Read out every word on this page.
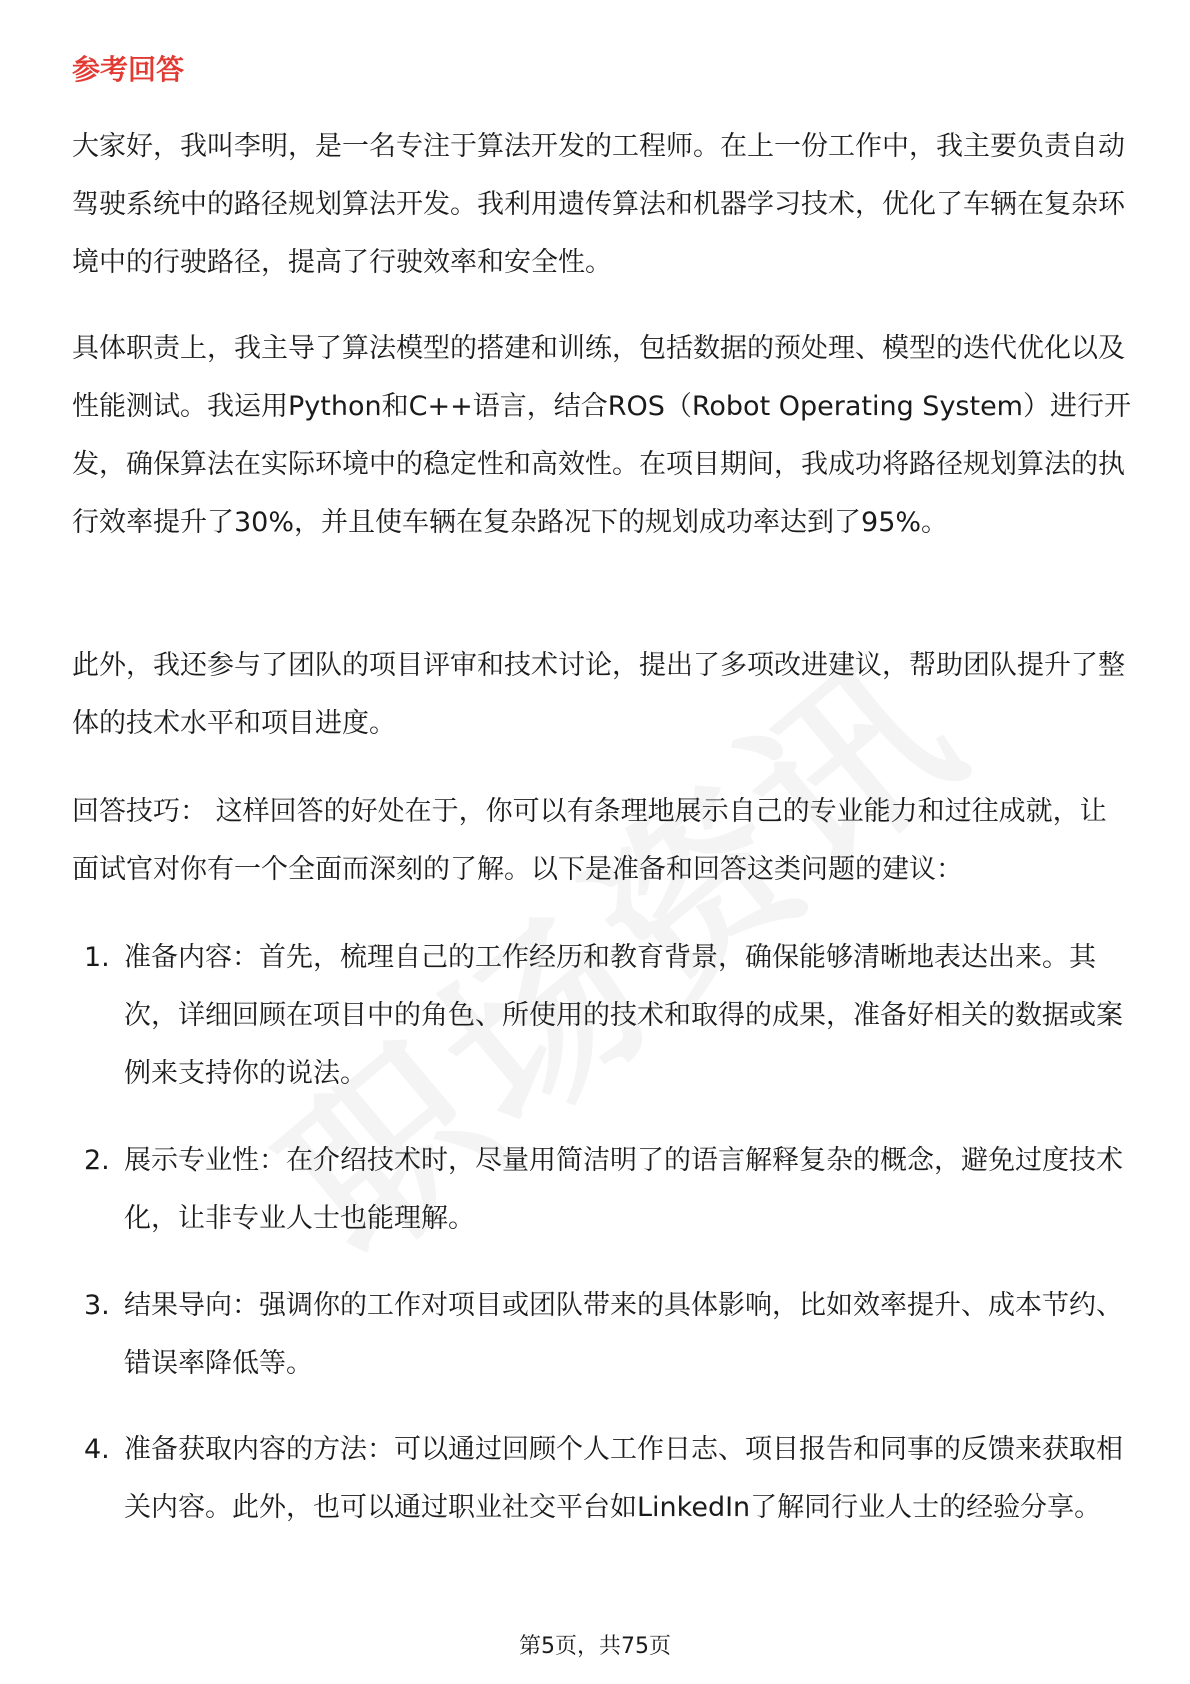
参考回答

大家好，我叫李明，是一名专注于算法开发的工程师。在上一份工作中，我主要负责自动驾驶系统中的路径规划算法开发。我利用遗传算法和机器学习技术，优化了车辆在复杂环境中的行驶路径，提高了行驶效率和安全性。

具体职责上，我主导了算法模型的搭建和训练，包括数据的预处理、模型的迭代优化以及性能测试。我运用Python和C++语言，结合ROS（Robot Operating System）进行开发，确保算法在实际环境中的稳定性和高效性。在项目期间，我成功将路径规划算法的执行效率提升了30%，并且使车辆在复杂路况下的规划成功率达到了95%。

此外，我还参与了团队的项目评审和技术讨论，提出了多项改进建议，帮助团队提升了整体的技术水平和项目进度。

回答技巧： 这样回答的好处在于，你可以有条理地展示自己的专业能力和过往成就，让面试官对你有一个全面而深刻的了解。以下是准备和回答这类问题的建议：

1. 准备内容：首先，梳理自己的工作经历和教育背景，确保能够清晰地表达出来。其次，详细回顾在项目中的角色、所使用的技术和取得的成果，准备好相关的数据或案例来支持你的说法。
2. 展示专业性：在介绍技术时，尽量用简洁明了的语言解释复杂的概念，避免过度技术化，让非专业人士也能理解。
3. 结果导向：强调你的工作对项目或团队带来的具体影响，比如效率提升、成本节约、错误率降低等。
4. 准备获取内容的方法：可以通过回顾个人工作日志、项目报告和同事的反馈来获取相关内容。此外，也可以通过职业社交平台如LinkedIn了解同行业人士的经验分享。
第5页，共75页
